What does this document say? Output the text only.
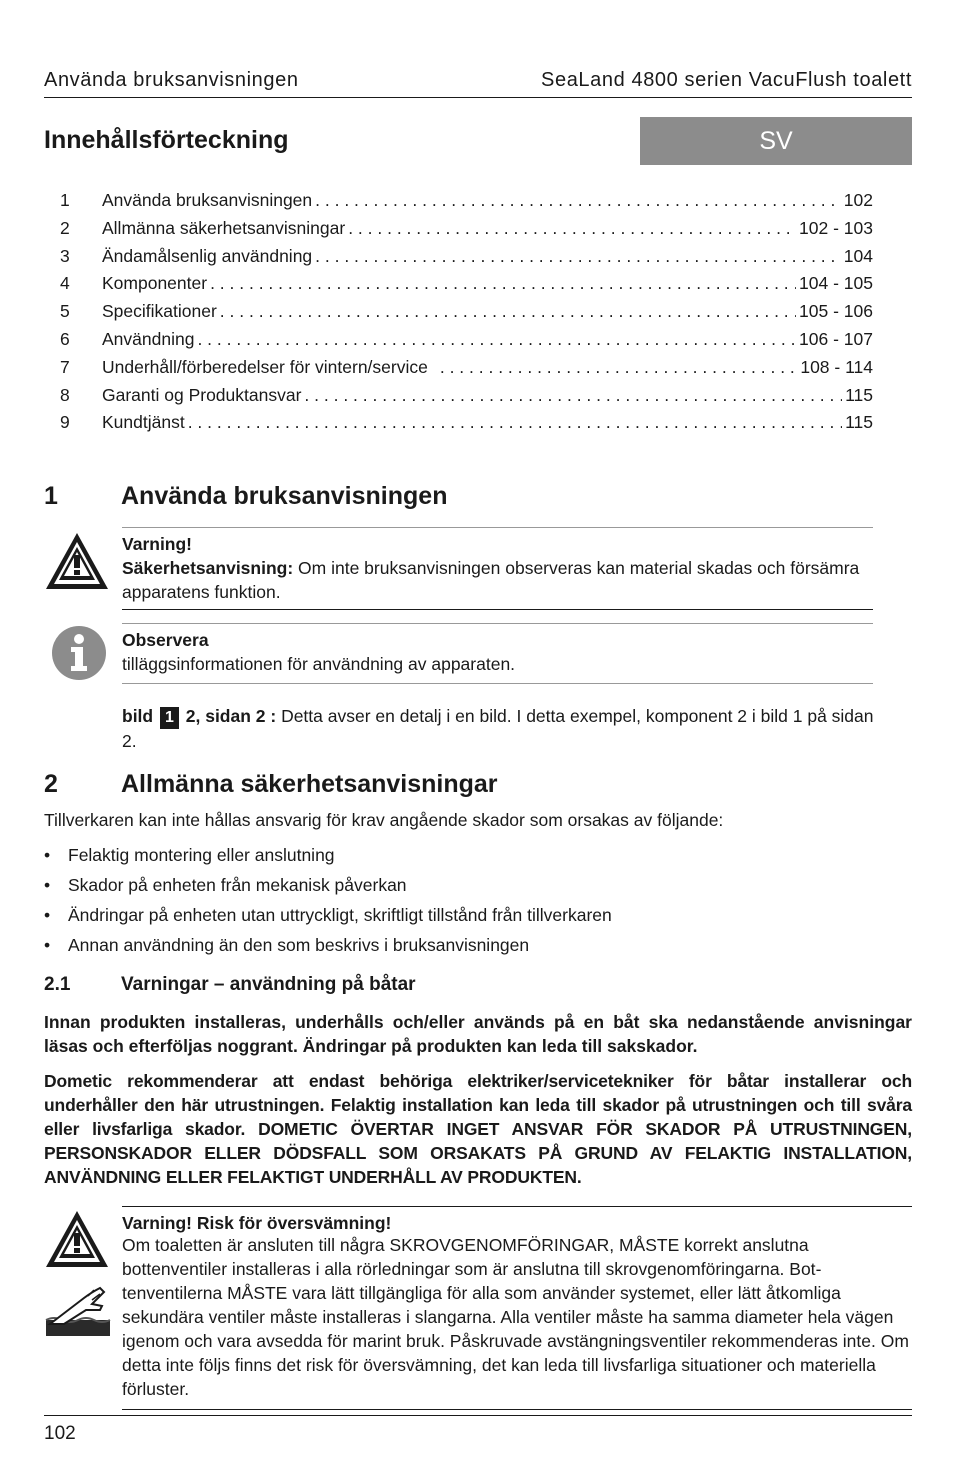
Använda bruksanvisningen	SeaLand 4800 serien VacuFlush toalett
Innehållsförteckning	SV
1	Använda bruksanvisningen . . .	102
2	Allmänna säkerhetsanvisningar . . .	102 - 103
3	Ändamålsenlig användning . . .	104
4	Komponenter . . .	104 - 105
5	Specifikationer . . .	105 - 106
6	Användning . . .	106 - 107
7	Underhåll/förberedelser för vintern/service . . .	108 - 114
8	Garanti og Produktansvar . . .	115
9	Kundtjänst . . .	115
1	Använda bruksanvisningen
Varning!
Säkerhetsanvisning: Om inte bruksanvisningen observeras kan material skadas och försämra apparatens funktion.
Observera
tilläggsinformationen för användning av apparaten.
bild 1 2, sidan 2 : Detta avser en detalj i en bild. I detta exempel, komponent 2 i bild 1 på sidan 2.
2	Allmänna säkerhetsanvisningar
Tillverkaren kan inte hållas ansvarig för krav angående skador som orsakas av följande:
• Felaktig montering eller anslutning
• Skador på enheten från mekanisk påverkan
• Ändringar på enheten utan uttryckligt, skriftligt tillstånd från tillverkaren
• Annan användning än den som beskrivs i bruksanvisningen
2.1	Varningar – användning på båtar
Innan produkten installeras, underhålls och/eller används på en båt ska nedanstående anvisningar läsas och efterföljas noggrant. Ändringar på produkten kan leda till sakskador.
Dometic rekommenderar att endast behöriga elektriker/servicetekniker för båtar installerar och underhåller den här utrustningen. Felaktig installation kan leda till skador på utrustningen och till svåra eller livsfarliga skador. DOMETIC ÖVERTAR INGET ANSVAR FÖR SKADOR PÅ UTRUSTNINGEN, PERSONSKADOR ELLER DÖDSFALL SOM ORSAKATS PÅ GRUND AV FELAKTIG INSTALLATION, ANVÄNDNING ELLER FELAKTIGT UNDERHÅLL AV PRODUKTEN.
Varning! Risk för översvämning!
Om toaletten är ansluten till några SKROVGENOMFÖRINGAR, MÅSTE korrekt anslutna bottenventiler installeras i alla rörledningar som är anslutna till skrovgenomföringarna. Bottenventilerna MÅSTE vara lätt tillgängliga för alla som använder systemet, eller lätt åtkomliga sekundära ventiler måste installeras i slangarna. Alla ventiler måste ha samma diameter hela vägen igenom och vara avsedda för marint bruk. Påskruvade avstängningsventiler rekommenderas inte. Om detta inte följs finns det risk för översvämning, det kan leda till livsfarliga situationer och materiella förluster.
102
